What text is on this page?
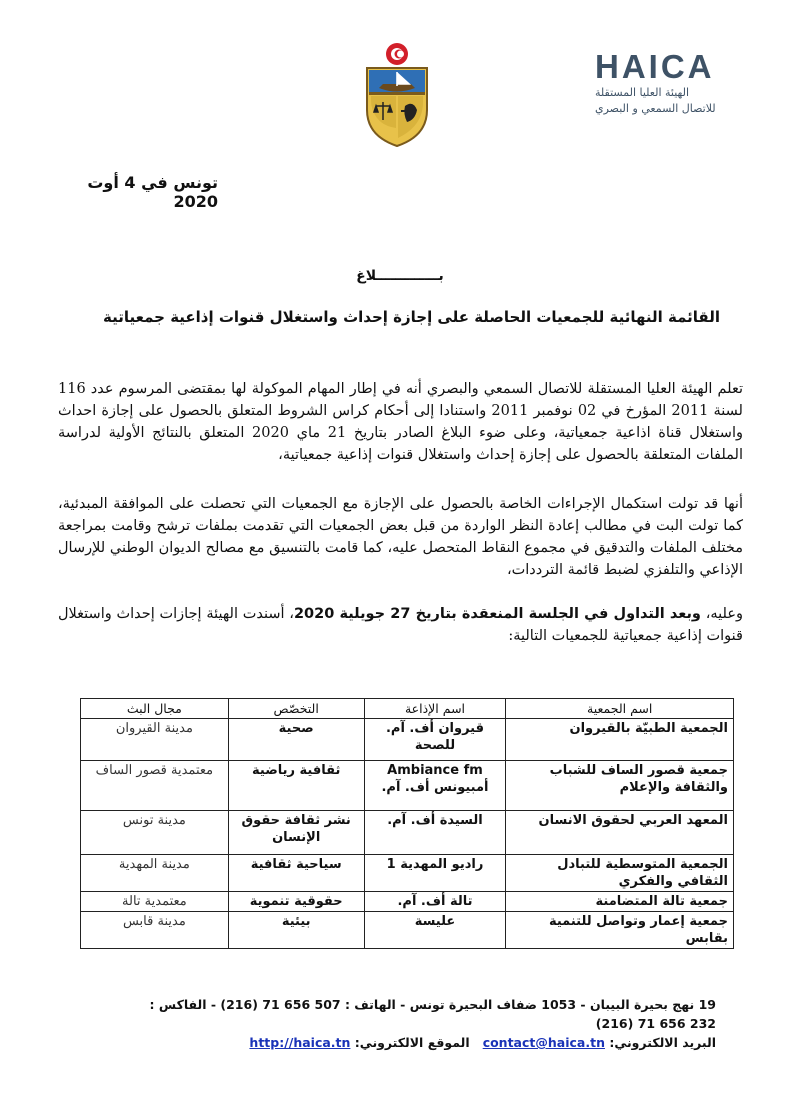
HAICA
الهيئة العليا المستقلة
للاتصال السمعي و البصري
تونس في 4 أوت 2020
بـــــــــــــلاغ
القائمة النهائية للجمعيات الحاصلة على إجازة إحداث واستغلال قنوات إذاعية جمعياتية
تعلم الهيئة العليا المستقلة للاتصال السمعي والبصري أنه في إطار المهام الموكولة لها بمقتضى المرسوم عدد 116 لسنة 2011 المؤرخ في 02 نوفمبر 2011 واستنادا إلى أحكام كراس الشروط المتعلق بالحصول على إجازة احداث واستغلال قناة اذاعية جمعياتية، وعلى ضوء البلاغ الصادر بتاريخ 21 ماي 2020 المتعلق بالنتائج الأولية لدراسة الملفات المتعلقة بالحصول على إجازة إحداث واستغلال قنوات إذاعية جمعياتية،
أنها قد تولت استكمال الإجراءات الخاصة بالحصول على الإجازة مع الجمعيات التي تحصلت على الموافقة المبدئية، كما تولت البت في مطالب إعادة النظر الواردة من قبل بعض الجمعيات التي تقدمت بملفات ترشح وقامت بمراجعة مختلف الملفات والتدقيق في مجموع النقاط المتحصل عليه، كما قامت بالتنسيق مع مصالح الديوان الوطني للإرسال الإذاعي والتلفزي لضبط قائمة الترددات،
وعليه، وبعد التداول في الجلسة المنعقدة بتاريخ 27 جويلية 2020، أسندت الهيئة إجازات إحداث واستغلال قنوات إذاعية جمعياتية للجمعيات التالية:
اسم الجمعية	اسم الإذاعة	التخصّص	مجال البث
الجمعية الطبيّة بالقيروان	قيروان أف. آم. للصحة	صحية	مدينة القيروان
جمعية قصور الساف للشباب والثقافة والإعلام	Ambiance fm أمبيونس أف. آم.	ثقافية رياضية	معتمدية قصور الساف
المعهد العربي لحقوق الانسان	السيدة أف. آم.	نشر ثقافة حقوق الإنسان	مدينة تونس
الجمعية المتوسطية للتبادل الثقافي والفكري	راديو المهدية 1	سياحية ثقافية	مدينة المهدية
جمعية تالة المتضامنة	تالة أف. آم.	حقوقية تنموية	معتمدية تالة
جمعية إعمار وتواصل للتنمية بقابس	عليسة	بيئية	مدينة قابس
19 نهج بحيرة البيبان - 1053 ضفاف البحيرة تونس - الهاتف : 507 656 71 (216) - الفاكس : 232 656 71 (216)
البريد الالكتروني: contact@haica.tn   الموقع الالكتروني: http://haica.tn
